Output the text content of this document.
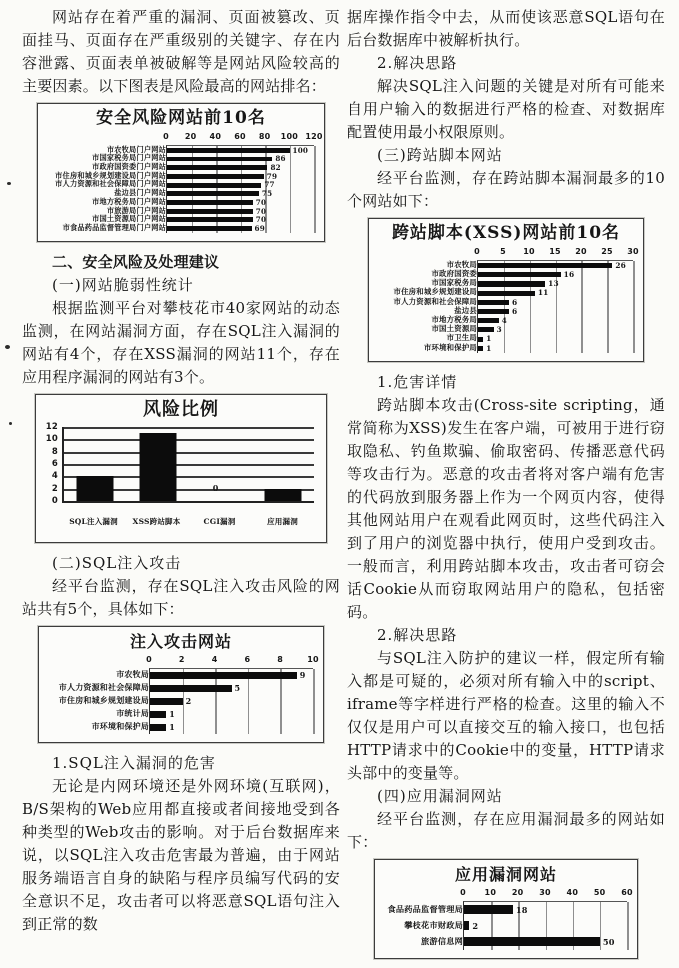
网站存在着严重的漏洞、页面被篡改、页面挂马、页面存在严重级别的关键字、存在内容泄露、页面表单被破解等是网站风险较高的主要因素。以下图表是风险最高的网站排名：

安全风险网站前10名
市农牧局门户网站
市国家税务局门户网站
市政府国资委门户网站
市住房和城乡规划建设局门户网站
市人力资源和社会保障局门户网站
盐边县门户网站
市地方税务局门户网站
市旅游局门户网站
市国土资源局门户网站
市食品药品监督管理局门户网站
0 20 40 60 80 100 120
100
86
82
79
77
75
70
70
70
69

二、安全风险及处理建议

(一)网站脆弱性统计

根据监测平台对攀枝花市40家网站的动态监测，在网站漏洞方面，存在SQL注入漏洞的网站有4个，存在XSS漏洞的网站11个，存在应用程序漏洞的网站有3个。

风险比例
0
2
4
6
8
10
12
0
SQL注入漏洞	XSS跨站脚本	CGI漏洞	应用漏洞

(二)SQL注入攻击

经平台监测，存在SQL注入攻击风险的网站共有5个，具体如下：

注入攻击网站
市农牧局
市人力资源和社会保障局
市住房和城乡规划建设局
市统计局
市环境和保护局
0	2	4	6	8	10
9
5
2
1
1

1.SQL注入漏洞的危害

无论是内网环境还是外网环境(互联网)，B/S架构的Web应用都直接或者间接地受到各种类型的Web攻击的影响。对于后台数据库来说，以SQL注入攻击危害最为普遍，由于网站服务端语言自身的缺陷与程序员编写代码的安全意识不足，攻击者可以将恶意SQL语句注入到正常的数

据库操作指令中去，从而使该恶意SQL语句在后台数据库中被解析执行。

2.解决思路

解决SQL注入问题的关键是对所有可能来自用户输入的数据进行严格的检查、对数据库配置使用最小权限原则。

(三)跨站脚本网站

经平台监测，存在跨站脚本漏洞最多的10个网站如下：

跨站脚本(XSS)网站前10名
市农牧局
市政府国资委
市国家税务局
市住房和城乡规划建设局
市人力资源和社会保障局
盐边县
市地方税务局
市国土资源局
市卫生局
市环境和保护局
0	5 10 15 20 25 30
26
16
13
11
6
6
4
3
1
1

1.危害详情

跨站脚本攻击(Cross-site scripting，通常简称为XSS)发生在客户端，可被用于进行窃取隐私、钓鱼欺骗、偷取密码、传播恶意代码等攻击行为。恶意的攻击者将对客户端有危害的代码放到服务器上作为一个网页内容，使得其他网站用户在观看此网页时，这些代码注入到了用户的浏览器中执行，使用户受到攻击。一般而言，利用跨站脚本攻击，攻击者可窃会话Cookie从而窃取网站用户的隐私，包括密码。

2.解决思路

与SQL注入防护的建议一样，假定所有输入都是可疑的，必须对所有输入中的script、iframe等字样进行严格的检查。这里的输入不仅仅是用户可以直接交互的输入接口，也包括HTTP请求中的Cookie中的变量，HTTP请求头部中的变量等。

(四)应用漏洞网站

经平台监测，存在应用漏洞最多的网站如下：

应用漏洞网站
食品药品监督管理局
攀枝花市财政局
旅游信息网
0 10 20 30 40 50 60
18
2
50
